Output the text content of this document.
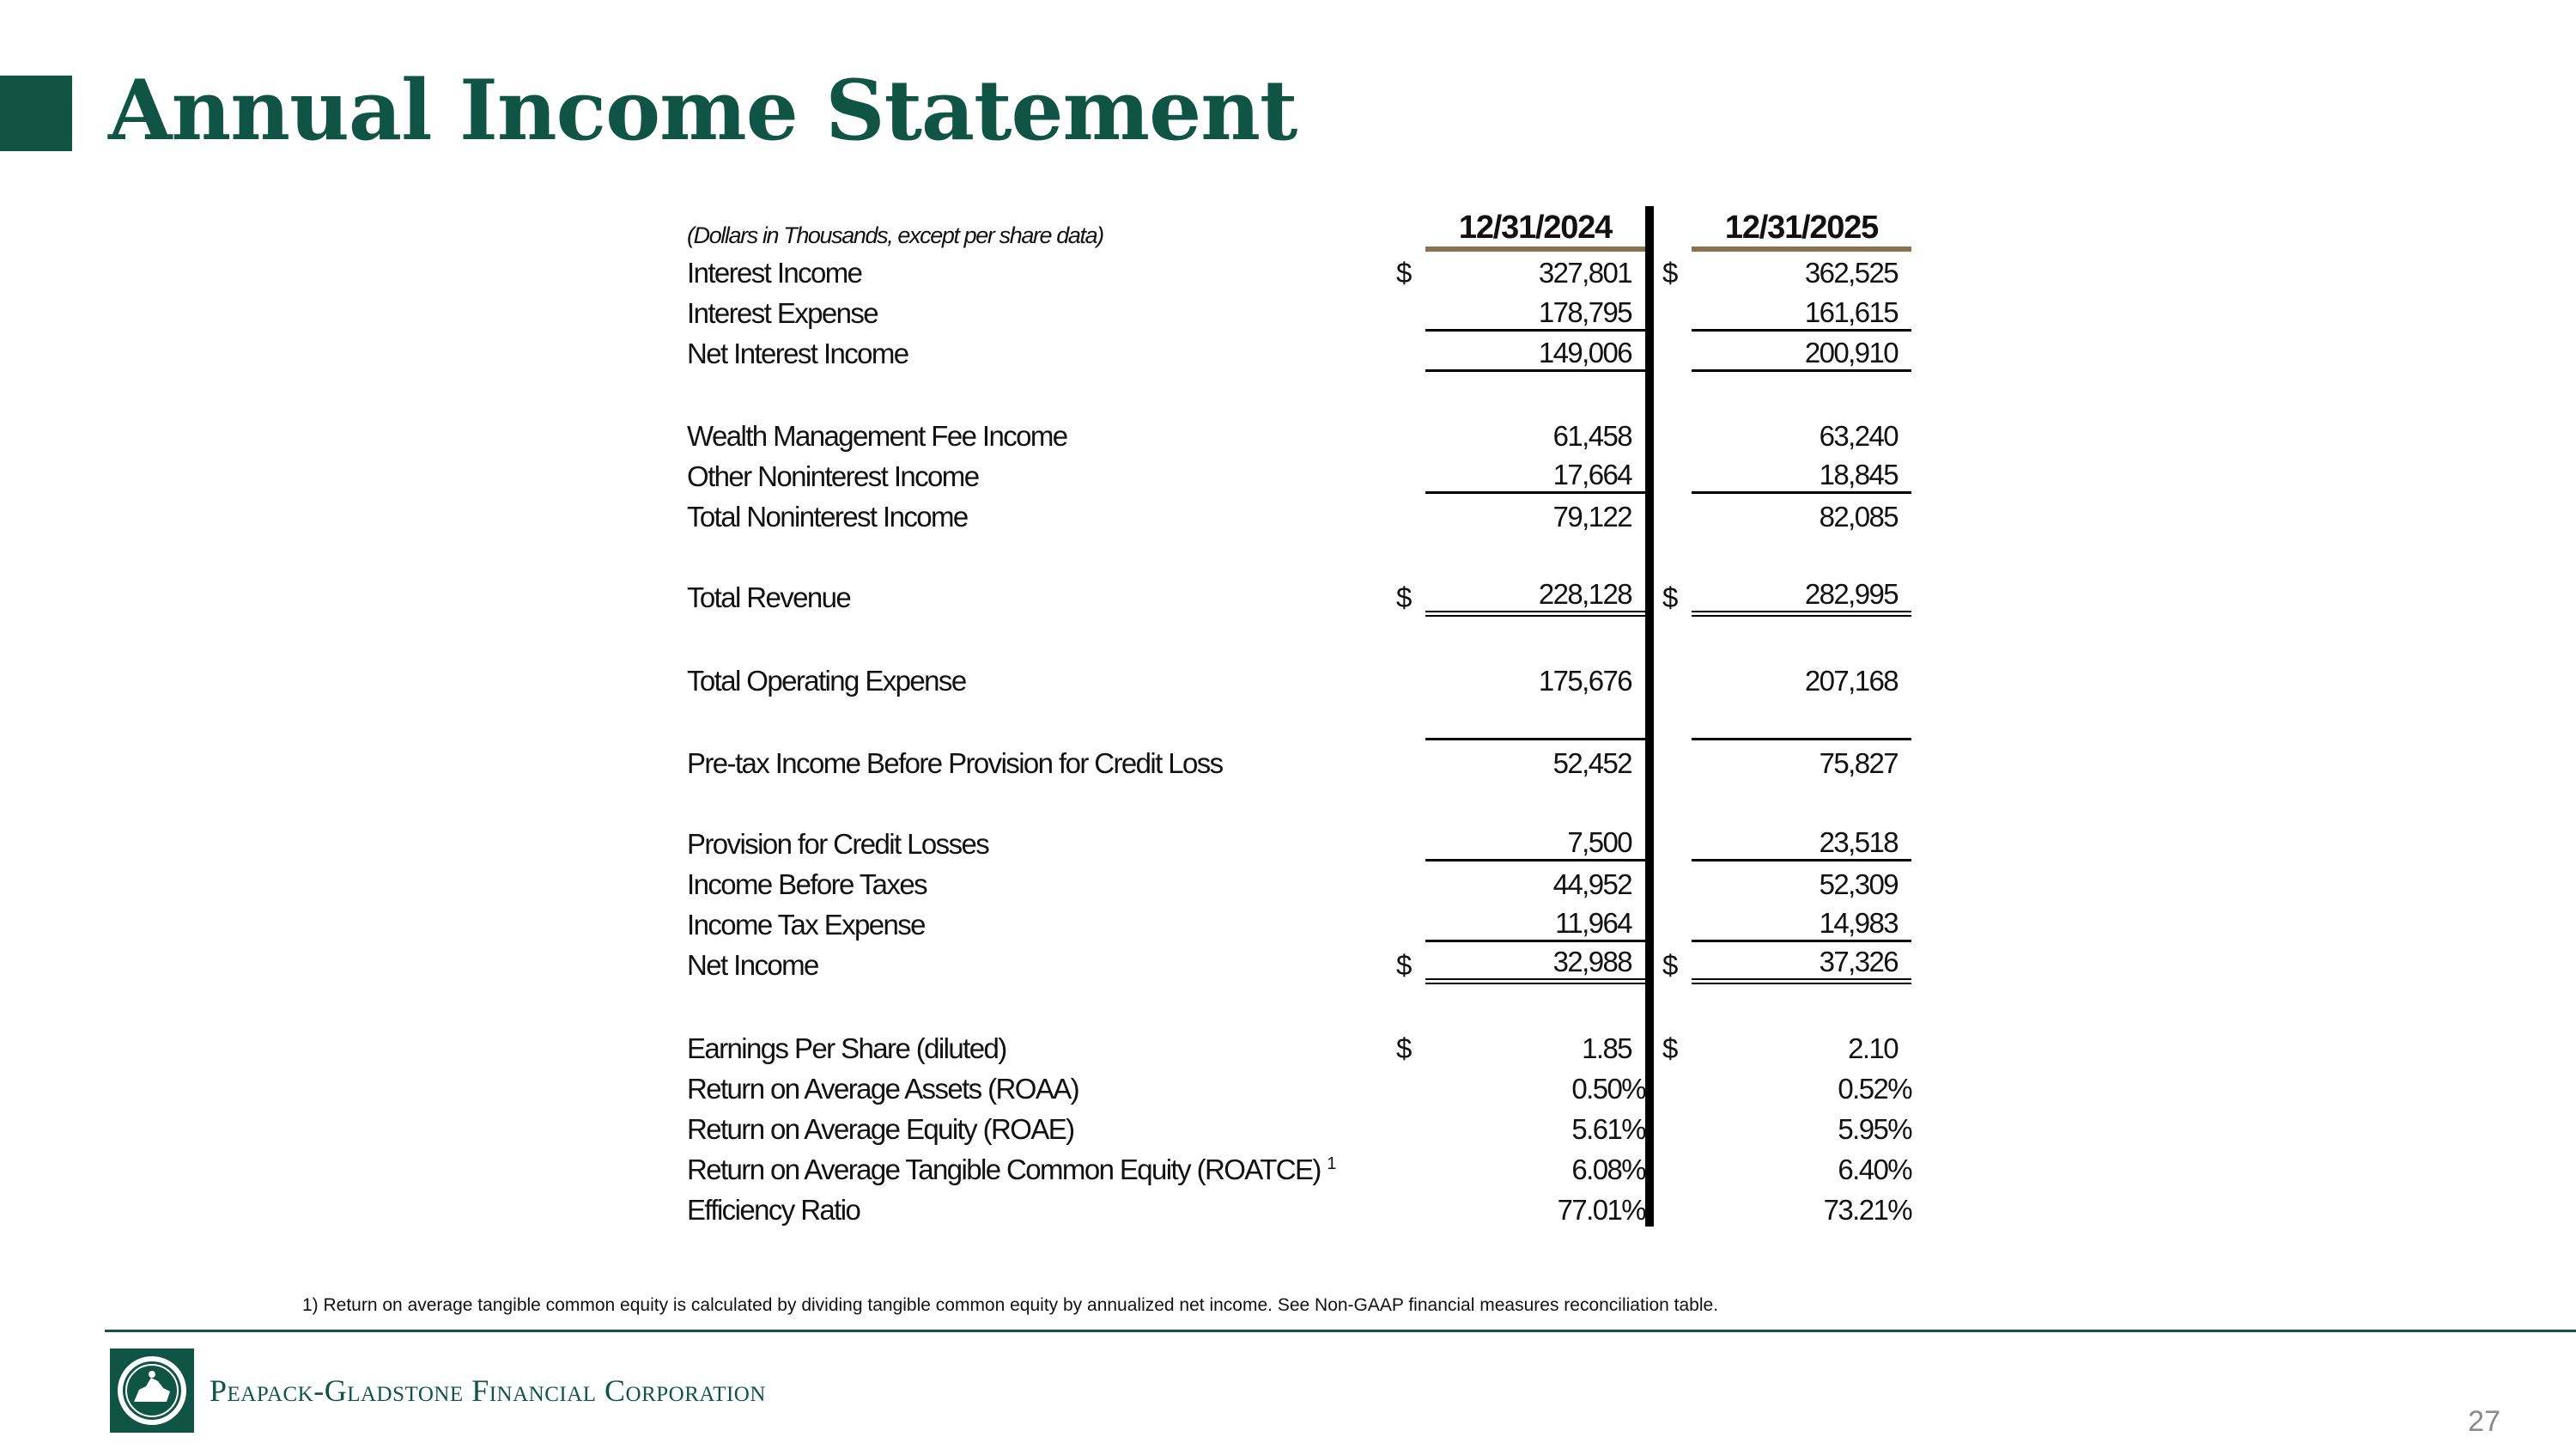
Annual Income Statement
(Dollars in Thousands, except per share data)		12/31/2024				12/31/2025
Interest Income	$	327,801			$	362,525
Interest Expense		178,795				161,615
Net Interest Income		149,006				200,910

Wealth Management Fee Income		61,458				63,240
Other Noninterest Income		17,664				18,845
Total Noninterest Income		79,122				82,085

Total Revenue	$	228,128			$	282,995

Total Operating Expense		175,676				207,168

Pre-tax Income Before Provision for Credit Loss		52,452				75,827

Provision for Credit Losses		7,500				23,518
Income Before Taxes		44,952				52,309
Income Tax Expense		11,964				14,983
Net Income	$	32,988			$	37,326

Earnings Per Share (diluted)	$	1.85			$	2.10
Return on Average Assets (ROAA)		0.50%				0.52%
Return on Average Equity (ROAE)		5.61%				5.95%
Return on Average Tangible Common Equity (ROATCE) $^1$		6.08%				6.40%
Efficiency Ratio		77.01%				73.21%
1) Return on average tangible common equity is calculated by dividing tangible common equity by annualized net income. See Non-GAAP financial measures reconciliation table.
Peapack-Gladstone Financial Corporation
27
